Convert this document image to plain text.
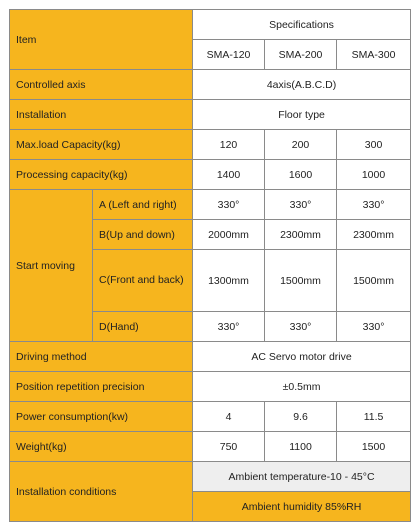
Item		Specifications		
		SMA-120	SMA-200	SMA-300
Controlled axis		4axis(A.B.C.D)		
Installation		Floor type		
Max.load Capacity(kg)		120	200	300
Processing capacity(kg)		1400	1600	1000
Start moving	A (Left and right)	330°	330°	330°
	B(Up and down)	2000mm	2300mm	2300mm

	C(Front and back)	1300mm	1500mm	1500mm
	D(Hand)	330°	330°	330°
Driving method		AC Servo motor drive		
Position repetition precision		±0.5mm		
Power consumption(kw)		4	9.6	11.5
Weight(kg)		750	1100	1500
Installation conditions		Ambient temperature-10 - 45°C		
		Ambient humidity 85%RH		
